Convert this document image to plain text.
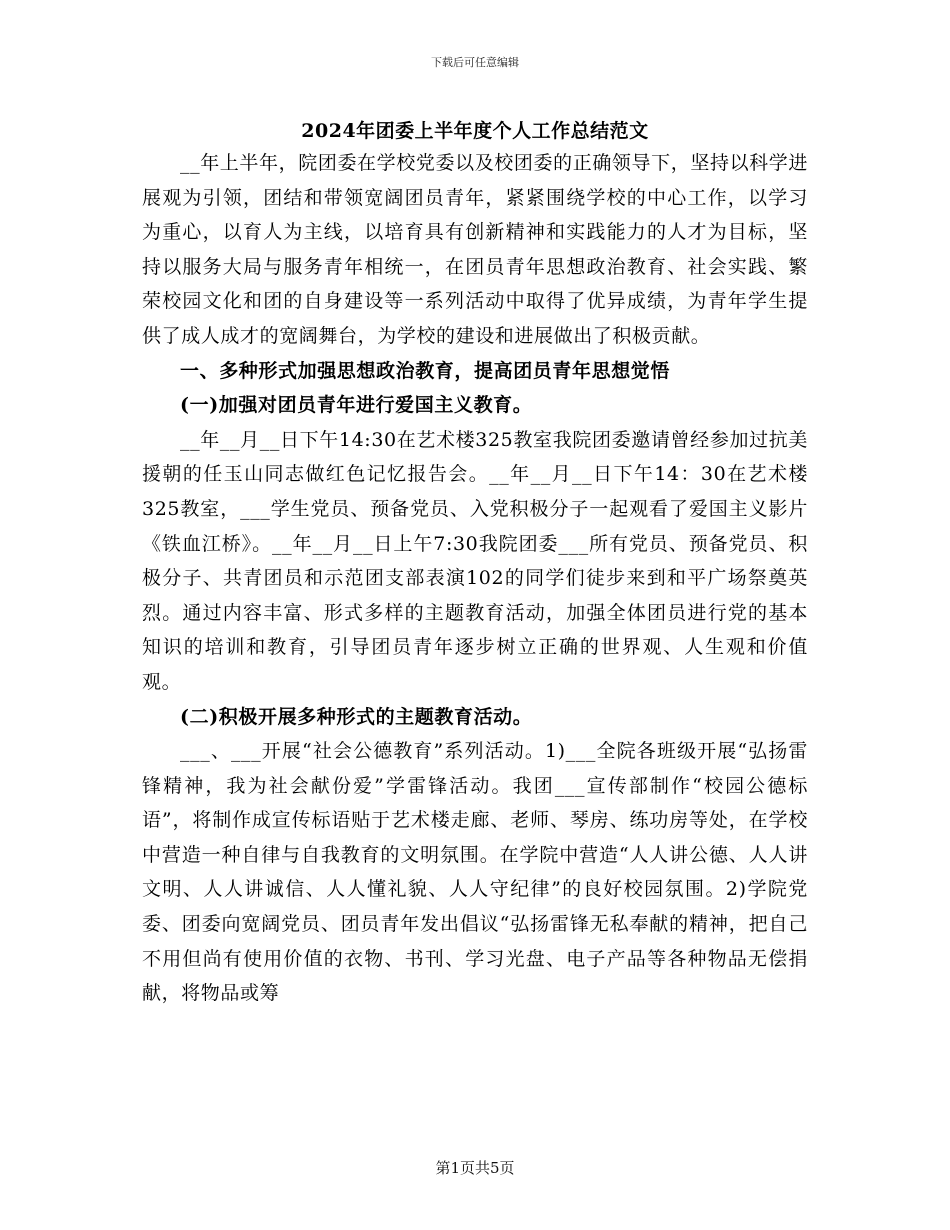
下载后可任意编辑
2024年团委上半年度个人工作总结范文

__年上半年，院团委在学校党委以及校团委的正确领导下，坚持以科学进展观为引领，团结和带领宽阔团员青年，紧紧围绕学校的中心工作，以学习为重心，以育人为主线，以培育具有创新精神和实践能力的人才为目标，坚持以服务大局与服务青年相统一，在团员青年思想政治教育、社会实践、繁荣校园文化和团的自身建设等一系列活动中取得了优异成绩，为青年学生提供了成人成才的宽阔舞台，为学校的建设和进展做出了积极贡献。

一、多种形式加强思想政治教育，提高团员青年思想觉悟

(一)加强对团员青年进行爱国主义教育。

__年__月__日下午14:30在艺术楼325教室我院团委邀请曾经参加过抗美援朝的任玉山同志做红色记忆报告会。__年__月__日下午14：30在艺术楼325教室，___学生党员、预备党员、入党积极分子一起观看了爱国主义影片《铁血江桥》。__年__月__日上午7:30我院团委___所有党员、预备党员、积极分子、共青团员和示范团支部表演102的同学们徒步来到和平广场祭奠英烈。通过内容丰富、形式多样的主题教育活动，加强全体团员进行党的基本知识的培训和教育，引导团员青年逐步树立正确的世界观、人生观和价值观。

(二)积极开展多种形式的主题教育活动。

___、___开展“社会公德教育”系列活动。1)___全院各班级开展“弘扬雷锋精神，我为社会献份爱”学雷锋活动。我团___宣传部制作“校园公德标语”，将制作成宣传标语贴于艺术楼走廊、老师、琴房、练功房等处，在学校中营造一种自律与自我教育的文明氛围。在学院中营造“人人讲公德、人人讲文明、人人讲诚信、人人懂礼貌、人人守纪律”的良好校园氛围。2)学院党委、团委向宽阔党员、团员青年发出倡议“弘扬雷锋无私奉献的精神，把自己不用但尚有使用价值的衣物、书刊、学习光盘、电子产品等各种物品无偿捐献，将物品或筹

第1页共5页
